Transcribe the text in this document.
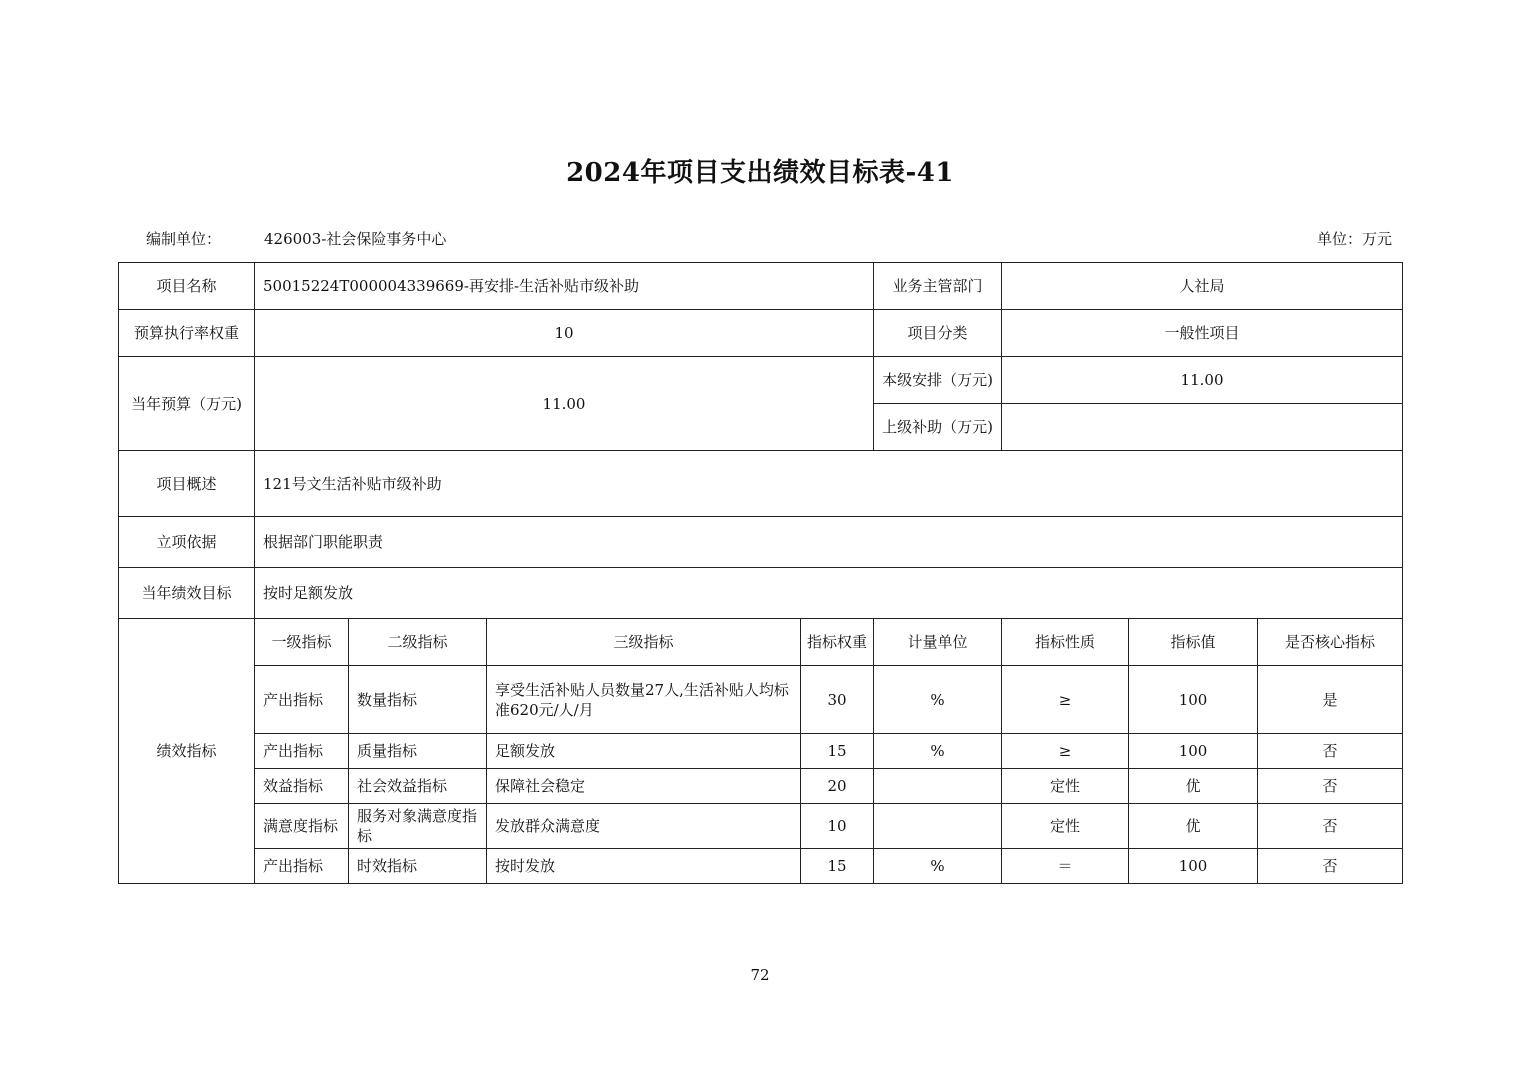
2024年项目支出绩效目标表-41
编制单位：	426003-社会保险事务中心	单位：万元
项目名称	50015224T000004339669-再安排-生活补贴市级补助				业务主管部门	人社局		
预算执行率权重	10				项目分类	一般性项目		
当年预算（万元)	11.00				本级安排（万元)	11.00		
					上级补助（万元)			
项目概述	121号文生活补贴市级补助							
立项依据	根据部门职能职责							
当年绩效目标	按时足额发放							
绩效指标	一级指标	二级指标	三级指标	指标权重	计量单位	指标性质	指标值	是否核心指标
	产出指标	数量指标	享受生活补贴人员数量27人,生活补贴人均标准620元/人/月	30	%	≥	100	是
	产出指标	质量指标	足额发放	15	%	≥	100	否
	效益指标	社会效益指标	保障社会稳定	20		定性	优	否
	满意度指标	服务对象满意度指标	发放群众满意度	10		定性	优	否
	产出指标	时效指标	按时发放	15	%	＝	100	否
72
